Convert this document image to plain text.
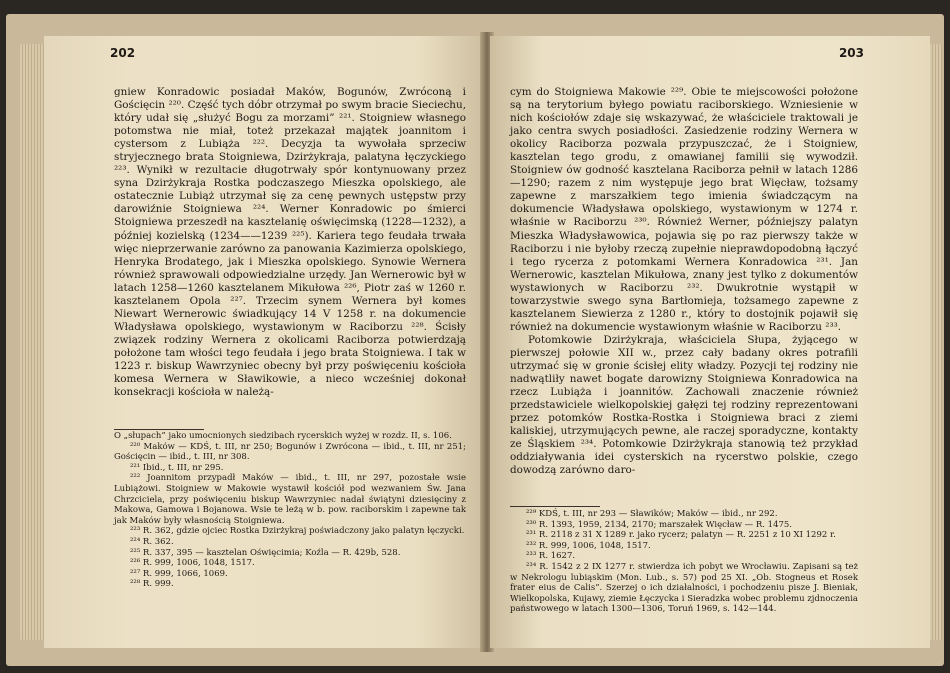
202

gniew Konradowic posiadał Maków, Bogunów, Zwróconą i Gościęcin ²²⁰. Część tych dóbr otrzymał po swym bracie Sieciechu, który udał się „służyć Bogu za morzami” ²²¹. Stoigniew własnego potomstwa nie miał, toteż przekazał majątek joannitom i cystersom z Lubiąża ²²². Decyzja ta wywołała sprzeciw stryjecznego brata Stoigniewa, Dzirżykraja, palatyna łęczyckiego ²²³. Wynikł w rezultacie długotrwały spór kontynuowany przez syna Dzirżykraja Rostka podczaszego Mieszka opolskiego, ale ostatecznie Lubiąż utrzymał się za cenę pewnych ustępstw przy darowiźnie Stoigniewa ²²⁴. Werner Konradowic po śmierci Stoigniewa przeszedł na kasztelanię oświęcimską (1228—1232), a później kozielską (1234——1239 ²²⁵). Kariera tego feudała trwała więc nieprzerwanie zarówno za panowania Kazimierza opolskiego, Henryka Brodatego, jak i Mieszka opolskiego. Synowie Wernera również sprawowali odpowiedzialne urzędy. Jan Wernerowic był w latach 1258—1260 kasztelanem Mikułowa ²²⁶, Piotr zaś w 1260 r. kasztelanem Opola ²²⁷. Trzecim synem Wernera był komes Niewart Wernerowic świadkujący 14 V 1258 r. na dokumencie Władysława opolskiego, wystawionym w Raciborzu ²²⁸. Ścisły związek rodziny Wernera z okolicami Raciborza potwierdzają położone tam włości tego feudała i jego brata Stoigniewa. I tak w 1223 r. biskup Wawrzyniec obecny był przy poświęceniu kościoła komesa Wernera w Sławikowie, a nieco wcześniej dokonał konsekracji kościoła w należą-

O „słupach” jako umocnionych siedzibach rycerskich wyżej w rozdz. II, s. 106.

²²⁰ Maków — KDŚ, t. III, nr 250; Bogunów i Zwrócona — ibid., t. III, nr 251; Gościęcin — ibid., t. III, nr 308.

²²¹ Ibid., t. III, nr 295.

²²² Joannitom przypadł Maków — ibid., t. III, nr 297, pozostałe wsie Lubiążowi. Stoigniew w Makowie wystawił kościół pod wezwaniem Św. Jana Chrzciciela, przy poświęceniu biskup Wawrzyniec nadał świątyni dziesięciny z Makowa, Gamowa i Bojanowa. Wsie te leżą w b. pow. raciborskim i zapewne tak jak Maków były własnością Stoigniewa.

²²³ R. 362, gdzie ojciec Rostka Dzirżykraj poświadczony jako palatyn łęczycki.

²²⁴ R. 362.

²²⁵ R. 337, 395 — kasztelan Oświęcimia; Koźla — R. 429b, 528.

²²⁶ R. 999, 1006, 1048, 1517.

²²⁷ R. 999, 1066, 1069.

²²⁸ R. 999.

203

cym do Stoigniewa Makowie ²²⁹. Obie te miejscowości położone są na terytorium byłego powiatu raciborskiego. Wzniesienie w nich kościołów zdaje się wskazywać, że właściciele traktowali je jako centra swych posiadłości. Zasiedzenie rodziny Wernera w okolicy Raciborza pozwala przypuszczać, że i Stoigniew, kasztelan tego grodu, z omawianej familii się wywodził. Stoigniew ów godność kasztelana Raciborza pełnił w latach 1286—1290; razem z nim występuje jego brat Więcław, tożsamy zapewne z marszałkiem tego imienia świadczącym na dokumencie Władysława opolskiego, wystawionym w 1274 r. właśnie w Raciborzu ²³⁰. Również Werner, późniejszy palatyn Mieszka Władysławowica, pojawia się po raz pierwszy także w Raciborzu i nie byłoby rzeczą zupełnie nieprawdopodobną łączyć i tego rycerza z potomkami Wernera Konradowica ²³¹. Jan Wernerowic, kasztelan Mikułowa, znany jest tylko z dokumentów wystawionych w Raciborzu ²³². Dwukrotnie wystąpił w towarzystwie swego syna Bartłomieja, tożsamego zapewne z kasztelanem Siewierza z 1280 r., który to dostojnik pojawił się również na dokumencie wystawionym właśnie w Raciborzu ²³³.

Potomkowie Dzirżykraja, właściciela Słupa, żyjącego w pierwszej połowie XII w., przez cały badany okres potrafili utrzymać się w gronie ścisłej elity władzy. Pozycji tej rodziny nie nadwątliły nawet bogate darowizny Stoigniewa Konradowica na rzecz Lubiąża i joannitów. Zachowali znaczenie również przedstawiciele wielkopolskiej gałęzi tej rodziny reprezentowani przez potomków Rostka-Rostka i Stoigniewa braci z ziemi kaliskiej, utrzymujących pewne, ale raczej sporadyczne, kontakty ze Śląskiem ²³⁴. Potomkowie Dzirżykraja stanowią też przykład oddziaływania idei cysterskich na rycerstwo polskie, czego dowodzą zarówno daro-

²²⁹ KDŚ, t. III, nr 293 — Sławików; Maków — ibid., nr 292.

²³⁰ R. 1393, 1959, 2134, 2170; marszałek Więcław — R. 1475.

²³¹ R. 2118 z 31 X 1289 r. jako rycerz; palatyn — R. 2251 z 10 XI 1292 r.

²³² R. 999, 1006, 1048, 1517.

²³³ R. 1627.

²³⁴ R. 1542 z 2 IX 1277 r. stwierdza ich pobyt we Wrocławiu. Zapisani są też w Nekrologu lubiąskim (Mon. Lub., s. 57) pod 25 XI. „Ob. Stogneus et Rosek frater eius de Calis”. Szerzej o ich działalności, i pochodzeniu pisze J. Bieniak, Wielkopolska, Kujawy, ziemie Łęczycka i Sieradzka wobec problemu zjdnoczenia państwowego w latach 1300—1306, Toruń 1969, s. 142—144.
